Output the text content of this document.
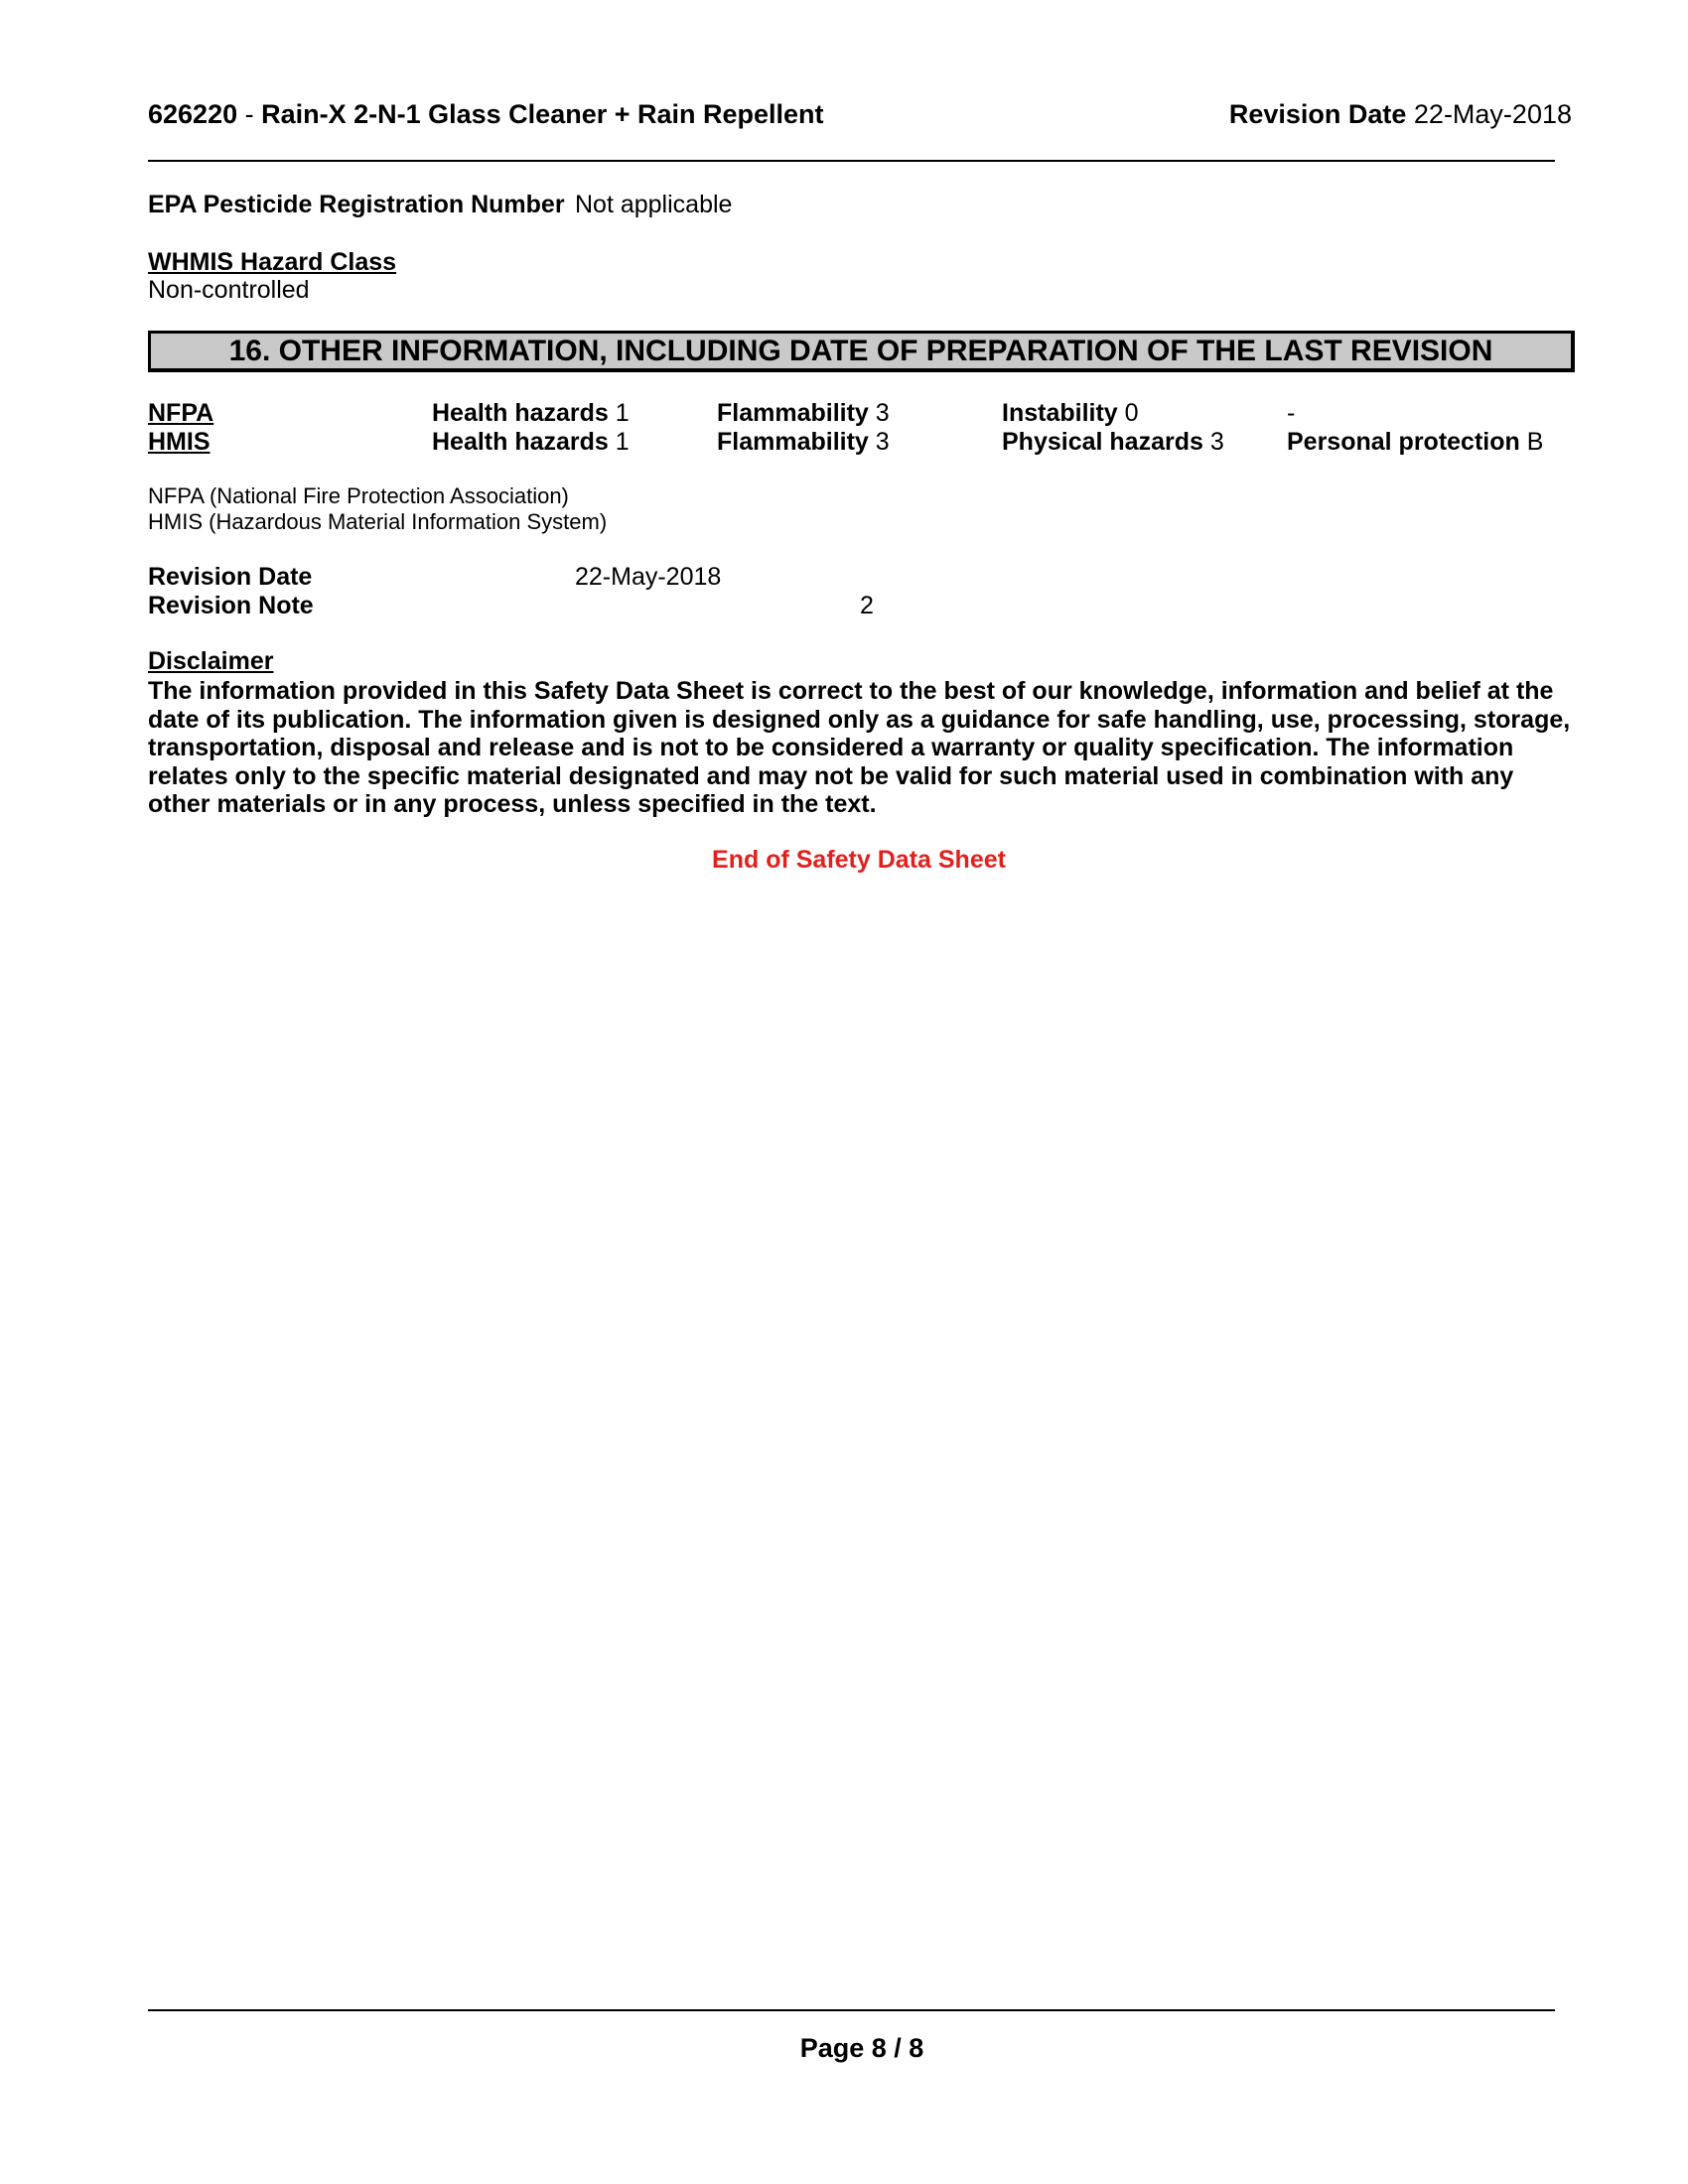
626220 - Rain-X 2-N-1 Glass Cleaner + Rain Repellent	Revision Date 22-May-2018
EPA Pesticide Registration Number Not applicable
WHMIS Hazard Class
Non-controlled
16. OTHER INFORMATION, INCLUDING DATE OF PREPARATION OF THE LAST REVISION
NFPA	Health hazards 1	Flammability 3	Instability 0	-
HMIS	Health hazards 1	Flammability 3	Physical hazards 3	Personal protection B
NFPA (National Fire Protection Association)
HMIS (Hazardous Material Information System)
Revision Date	22-May-2018
Revision Note	2
Disclaimer
The information provided in this Safety Data Sheet is correct to the best of our knowledge, information and belief at the date of its publication. The information given is designed only as a guidance for safe handling, use, processing, storage, transportation, disposal and release and is not to be considered a warranty or quality specification. The information relates only to the specific material designated and may not be valid for such material used in combination with any other materials or in any process, unless specified in the text.
End of Safety Data Sheet
Page 8 / 8
